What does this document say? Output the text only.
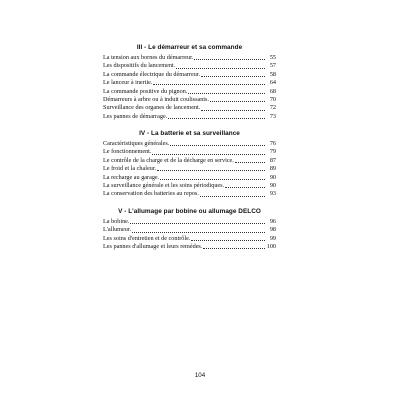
III - Le démarreur et sa commande
La tension aux bornes du démarreur.	55
Les dispositifs du lancement.	57
La commande électrique du démarreur.	58
Le lanceur à inertie.	64
La commande positive du pignon.	68
Démarreurs à arbre ou à induit coulissants.	70
Surveillance des organes de lancement.	72
Les pannes de démarrage.	73
IV - La batterie et sa surveillance
Caractéristiques générales.	76
Le fonctionnement.	79
Le contrôle de la charge et de la décharge en service.	87
Le froid et la chaleur.	89
La recharge au garage.	90
La surveillance générale et les soins périodiques.	90
La conservation des batteries au repos.	93
V - L'allumage par bobine ou allumage DELCO
La bobine.	96
L'allumeur.	98
Les soins d'entretien et de contrôle.	99
Les pannes d'allumage et leurs remèdes.	100
104
